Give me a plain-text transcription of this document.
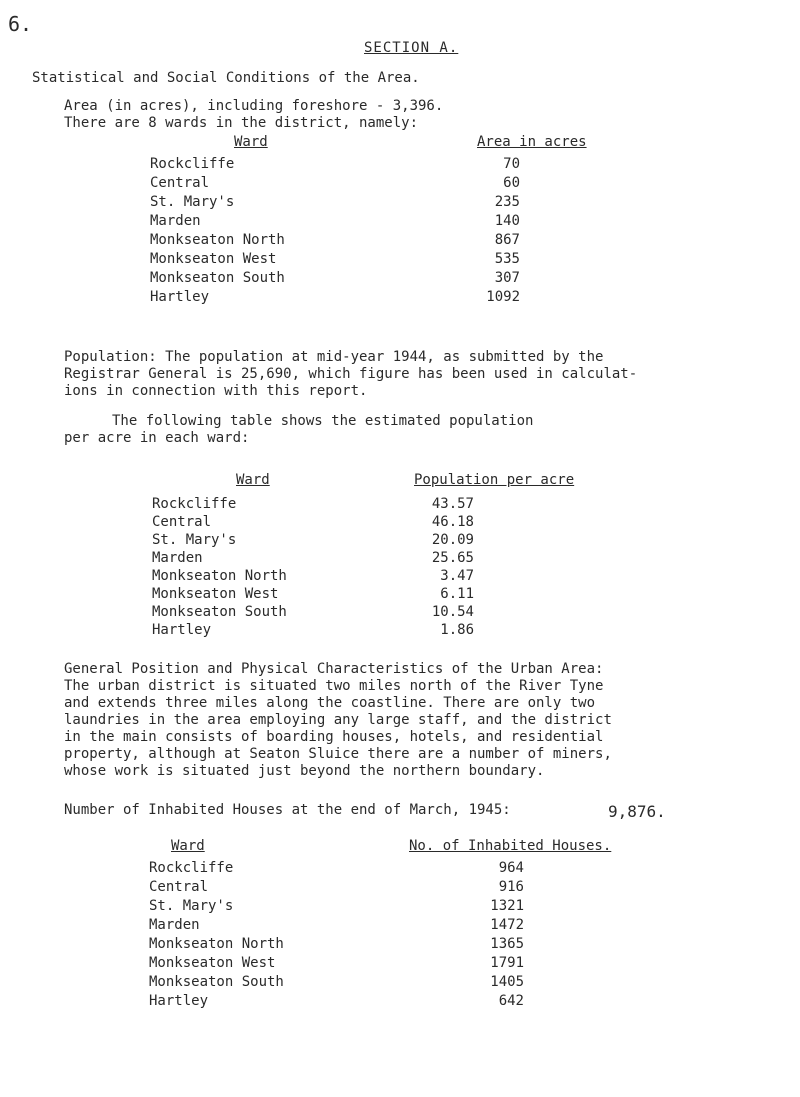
6.
SECTION A.
Statistical and Social Conditions of the Area.
Area (in acres), including foreshore - 3,396.
There are 8 wards in the district, namely:
Ward	Area in acres
Rockcliffe	70
Central	60
St. Mary's	235
Marden	140
Monkseaton North	867
Monkseaton West	535
Monkseaton South	307
Hartley	1092
Population: The population at mid-year 1944, as submitted by the
Registrar General is 25,690, which figure has been used in calculat-
ions in connection with this report.
The following table shows the estimated population
per acre in each ward:
Ward	Population per acre
Rockcliffe	43.57
Central	46.18
St. Mary's	20.09
Marden	25.65
Monkseaton North	3.47
Monkseaton West	6.11
Monkseaton South	10.54
Hartley	1.86
General Position and Physical Characteristics of the Urban Area:
The urban district is situated two miles north of the River Tyne
and extends three miles along the coastline. There are only two
laundries in the area employing any large staff, and the district
in the main consists of boarding houses, hotels, and residential
property, although at Seaton Sluice there are a number of miners,
whose work is situated just beyond the northern boundary.
Number of Inhabited Houses at the end of March, 1945:	9,876.
Ward	No. of Inhabited Houses.
Rockcliffe	964
Central	916
St. Mary's	1321
Marden	1472
Monkseaton North	1365
Monkseaton West	1791
Monkseaton South	1405
Hartley	642
